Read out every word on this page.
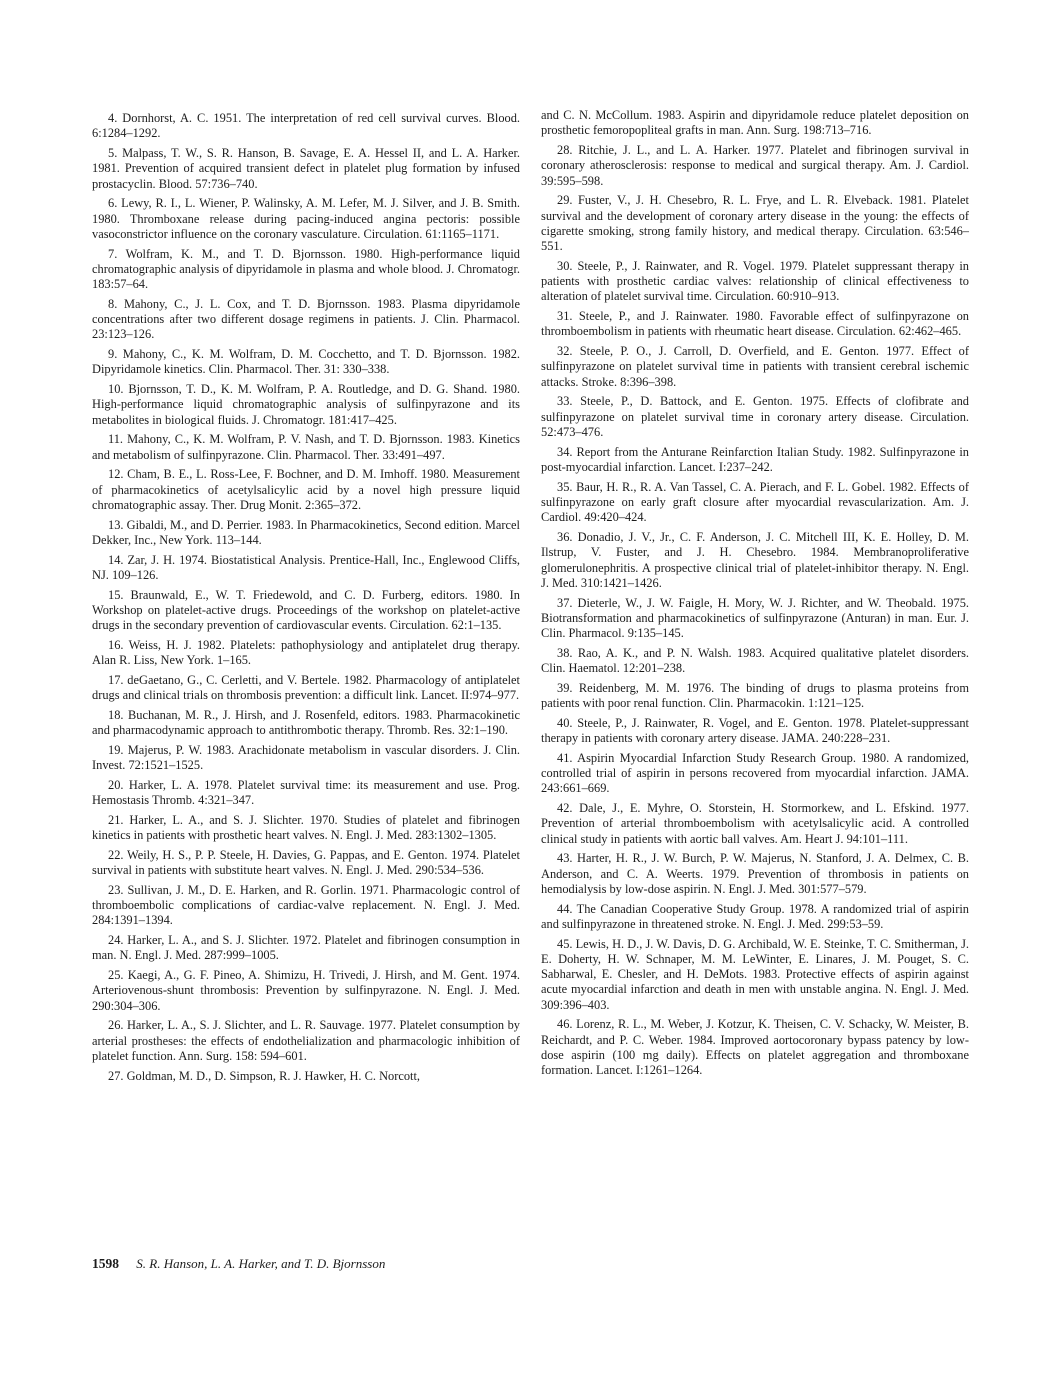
4. Dornhorst, A. C. 1951. The interpretation of red cell survival curves. Blood. 6:1284–1292.

5. Malpass, T. W., S. R. Hanson, B. Savage, E. A. Hessel II, and L. A. Harker. 1981. Prevention of acquired transient defect in platelet plug formation by infused prostacyclin. Blood. 57:736–740.

6. Lewy, R. I., L. Wiener, P. Walinsky, A. M. Lefer, M. J. Silver, and J. B. Smith. 1980. Thromboxane release during pacing-induced angina pectoris: possible vasoconstrictor influence on the coronary vasculature. Circulation. 61:1165–1171.

7. Wolfram, K. M., and T. D. Bjornsson. 1980. High-performance liquid chromatographic analysis of dipyridamole in plasma and whole blood. J. Chromatogr. 183:57–64.

8. Mahony, C., J. L. Cox, and T. D. Bjornsson. 1983. Plasma dipyridamole concentrations after two different dosage regimens in patients. J. Clin. Pharmacol. 23:123–126.

9. Mahony, C., K. M. Wolfram, D. M. Cocchetto, and T. D. Bjornsson. 1982. Dipyridamole kinetics. Clin. Pharmacol. Ther. 31: 330–338.

10. Bjornsson, T. D., K. M. Wolfram, P. A. Routledge, and D. G. Shand. 1980. High-performance liquid chromatographic analysis of sulfinpyrazone and its metabolites in biological fluids. J. Chromatogr. 181:417–425.

11. Mahony, C., K. M. Wolfram, P. V. Nash, and T. D. Bjornsson. 1983. Kinetics and metabolism of sulfinpyrazone. Clin. Pharmacol. Ther. 33:491–497.

12. Cham, B. E., L. Ross-Lee, F. Bochner, and D. M. Imhoff. 1980. Measurement of pharmacokinetics of acetylsalicylic acid by a novel high pressure liquid chromatographic assay. Ther. Drug Monit. 2:365–372.

13. Gibaldi, M., and D. Perrier. 1983. In Pharmacokinetics, Second edition. Marcel Dekker, Inc., New York. 113–144.

14. Zar, J. H. 1974. Biostatistical Analysis. Prentice-Hall, Inc., Englewood Cliffs, NJ. 109–126.

15. Braunwald, E., W. T. Friedewold, and C. D. Furberg, editors. 1980. In Workshop on platelet-active drugs. Proceedings of the workshop on platelet-active drugs in the secondary prevention of cardiovascular events. Circulation. 62:1–135.

16. Weiss, H. J. 1982. Platelets: pathophysiology and antiplatelet drug therapy. Alan R. Liss, New York. 1–165.

17. deGaetano, G., C. Cerletti, and V. Bertele. 1982. Pharmacology of antiplatelet drugs and clinical trials on thrombosis prevention: a difficult link. Lancet. II:974–977.

18. Buchanan, M. R., J. Hirsh, and J. Rosenfeld, editors. 1983. Pharmacokinetic and pharmacodynamic approach to antithrombotic therapy. Thromb. Res. 32:1–190.

19. Majerus, P. W. 1983. Arachidonate metabolism in vascular disorders. J. Clin. Invest. 72:1521–1525.

20. Harker, L. A. 1978. Platelet survival time: its measurement and use. Prog. Hemostasis Thromb. 4:321–347.

21. Harker, L. A., and S. J. Slichter. 1970. Studies of platelet and fibrinogen kinetics in patients with prosthetic heart valves. N. Engl. J. Med. 283:1302–1305.

22. Weily, H. S., P. P. Steele, H. Davies, G. Pappas, and E. Genton. 1974. Platelet survival in patients with substitute heart valves. N. Engl. J. Med. 290:534–536.

23. Sullivan, J. M., D. E. Harken, and R. Gorlin. 1971. Pharmacologic control of thromboembolic complications of cardiac-valve replacement. N. Engl. J. Med. 284:1391–1394.

24. Harker, L. A., and S. J. Slichter. 1972. Platelet and fibrinogen consumption in man. N. Engl. J. Med. 287:999–1005.

25. Kaegi, A., G. F. Pineo, A. Shimizu, H. Trivedi, J. Hirsh, and M. Gent. 1974. Arteriovenous-shunt thrombosis: Prevention by sulfinpyrazone. N. Engl. J. Med. 290:304–306.

26. Harker, L. A., S. J. Slichter, and L. R. Sauvage. 1977. Platelet consumption by arterial prostheses: the effects of endothelialization and pharmacologic inhibition of platelet function. Ann. Surg. 158: 594–601.

27. Goldman, M. D., D. Simpson, R. J. Hawker, H. C. Norcott,

and C. N. McCollum. 1983. Aspirin and dipyridamole reduce platelet deposition on prosthetic femoropopliteal grafts in man. Ann. Surg. 198:713–716.

28. Ritchie, J. L., and L. A. Harker. 1977. Platelet and fibrinogen survival in coronary atherosclerosis: response to medical and surgical therapy. Am. J. Cardiol. 39:595–598.

29. Fuster, V., J. H. Chesebro, R. L. Frye, and L. R. Elveback. 1981. Platelet survival and the development of coronary artery disease in the young: the effects of cigarette smoking, strong family history, and medical therapy. Circulation. 63:546–551.

30. Steele, P., J. Rainwater, and R. Vogel. 1979. Platelet suppressant therapy in patients with prosthetic cardiac valves: relationship of clinical effectiveness to alteration of platelet survival time. Circulation. 60:910–913.

31. Steele, P., and J. Rainwater. 1980. Favorable effect of sulfinpyrazone on thromboembolism in patients with rheumatic heart disease. Circulation. 62:462–465.

32. Steele, P. O., J. Carroll, D. Overfield, and E. Genton. 1977. Effect of sulfinpyrazone on platelet survival time in patients with transient cerebral ischemic attacks. Stroke. 8:396–398.

33. Steele, P., D. Battock, and E. Genton. 1975. Effects of clofibrate and sulfinpyrazone on platelet survival time in coronary artery disease. Circulation. 52:473–476.

34. Report from the Anturane Reinfarction Italian Study. 1982. Sulfinpyrazone in post-myocardial infarction. Lancet. I:237–242.

35. Baur, H. R., R. A. Van Tassel, C. A. Pierach, and F. L. Gobel. 1982. Effects of sulfinpyrazone on early graft closure after myocardial revascularization. Am. J. Cardiol. 49:420–424.

36. Donadio, J. V., Jr., C. F. Anderson, J. C. Mitchell III, K. E. Holley, D. M. Ilstrup, V. Fuster, and J. H. Chesebro. 1984. Membranoproliferative glomerulonephritis. A prospective clinical trial of platelet-inhibitor therapy. N. Engl. J. Med. 310:1421–1426.

37. Dieterle, W., J. W. Faigle, H. Mory, W. J. Richter, and W. Theobald. 1975. Biotransformation and pharmacokinetics of sulfinpyrazone (Anturan) in man. Eur. J. Clin. Pharmacol. 9:135–145.

38. Rao, A. K., and P. N. Walsh. 1983. Acquired qualitative platelet disorders. Clin. Haematol. 12:201–238.

39. Reidenberg, M. M. 1976. The binding of drugs to plasma proteins from patients with poor renal function. Clin. Pharmacokin. 1:121–125.

40. Steele, P., J. Rainwater, R. Vogel, and E. Genton. 1978. Platelet-suppressant therapy in patients with coronary artery disease. JAMA. 240:228–231.

41. Aspirin Myocardial Infarction Study Research Group. 1980. A randomized, controlled trial of aspirin in persons recovered from myocardial infarction. JAMA. 243:661–669.

42. Dale, J., E. Myhre, O. Storstein, H. Stormorkew, and L. Efskind. 1977. Prevention of arterial thromboembolism with acetylsalicylic acid. A controlled clinical study in patients with aortic ball valves. Am. Heart J. 94:101–111.

43. Harter, H. R., J. W. Burch, P. W. Majerus, N. Stanford, J. A. Delmex, C. B. Anderson, and C. A. Weerts. 1979. Prevention of thrombosis in patients on hemodialysis by low-dose aspirin. N. Engl. J. Med. 301:577–579.

44. The Canadian Cooperative Study Group. 1978. A randomized trial of aspirin and sulfinpyrazone in threatened stroke. N. Engl. J. Med. 299:53–59.

45. Lewis, H. D., J. W. Davis, D. G. Archibald, W. E. Steinke, T. C. Smitherman, J. E. Doherty, H. W. Schnaper, M. M. LeWinter, E. Linares, J. M. Pouget, S. C. Sabharwal, E. Chesler, and H. DeMots. 1983. Protective effects of aspirin against acute myocardial infarction and death in men with unstable angina. N. Engl. J. Med. 309:396–403.

46. Lorenz, R. L., M. Weber, J. Kotzur, K. Theisen, C. V. Schacky, W. Meister, B. Reichardt, and P. C. Weber. 1984. Improved aortocoronary bypass patency by low-dose aspirin (100 mg daily). Effects on platelet aggregation and thromboxane formation. Lancet. I:1261–1264.

1598 S. R. Hanson, L. A. Harker, and T. D. Bjornsson
